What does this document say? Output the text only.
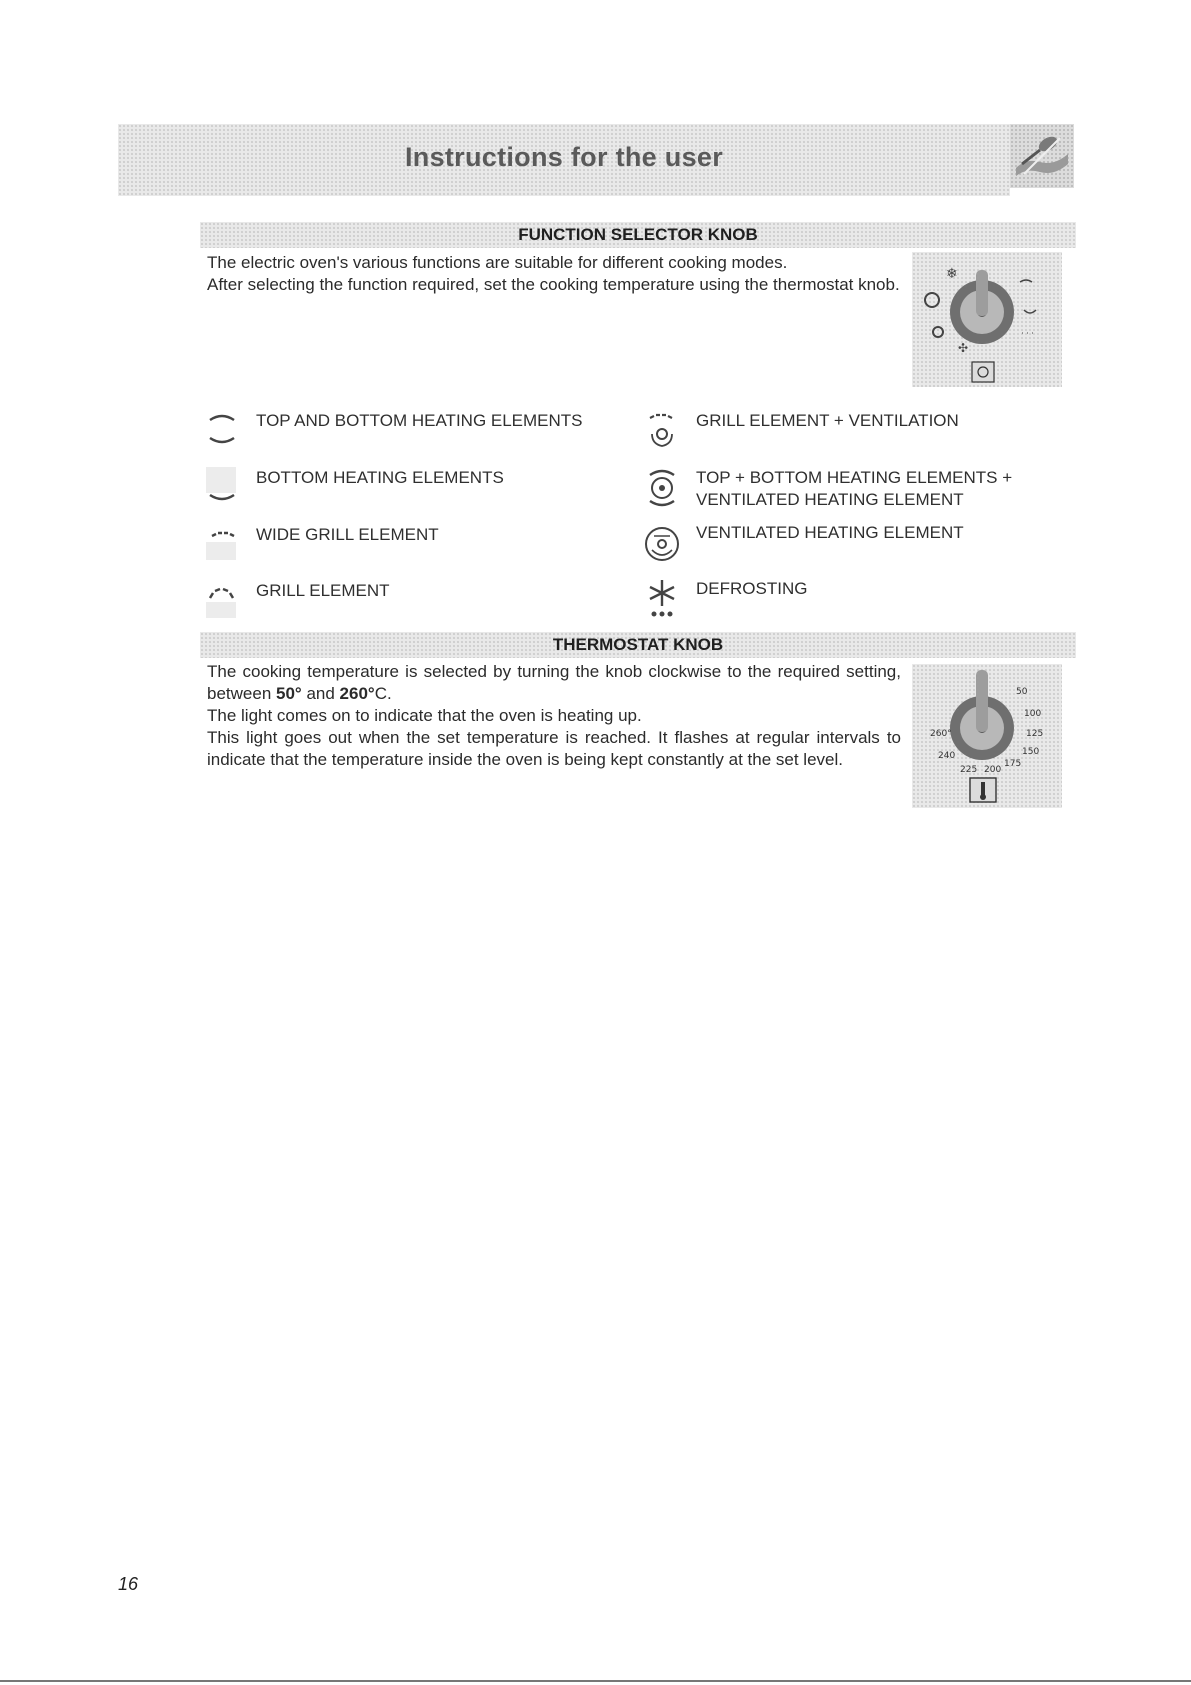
Instructions for the user
FUNCTION SELECTOR KNOB

The electric oven's various functions are suitable for different cooking modes.

After selecting the function required, set the cooking temperature using the thermostat knob.

❄
✣
˙˙˙
TOP AND BOTTOM HEATING ELEMENTS
BOTTOM HEATING ELEMENTS
WIDE GRILL ELEMENT
GRILL ELEMENT
GRILL ELEMENT + VENTILATION
TOP + BOTTOM HEATING ELEMENTS +
VENTILATED HEATING ELEMENT
VENTILATED HEATING ELEMENT
DEFROSTING
THERMOSTAT KNOB

The cooking temperature is selected by turning the knob clockwise to the required setting, between 50° and 260°C.

The light comes on to indicate that the oven is heating up.

This light goes out when the set temperature is reached. It flashes at regular intervals to indicate that the temperature inside the oven is being kept constantly at the set level.

50
100
125
150
175
200
225
240
260°
16
